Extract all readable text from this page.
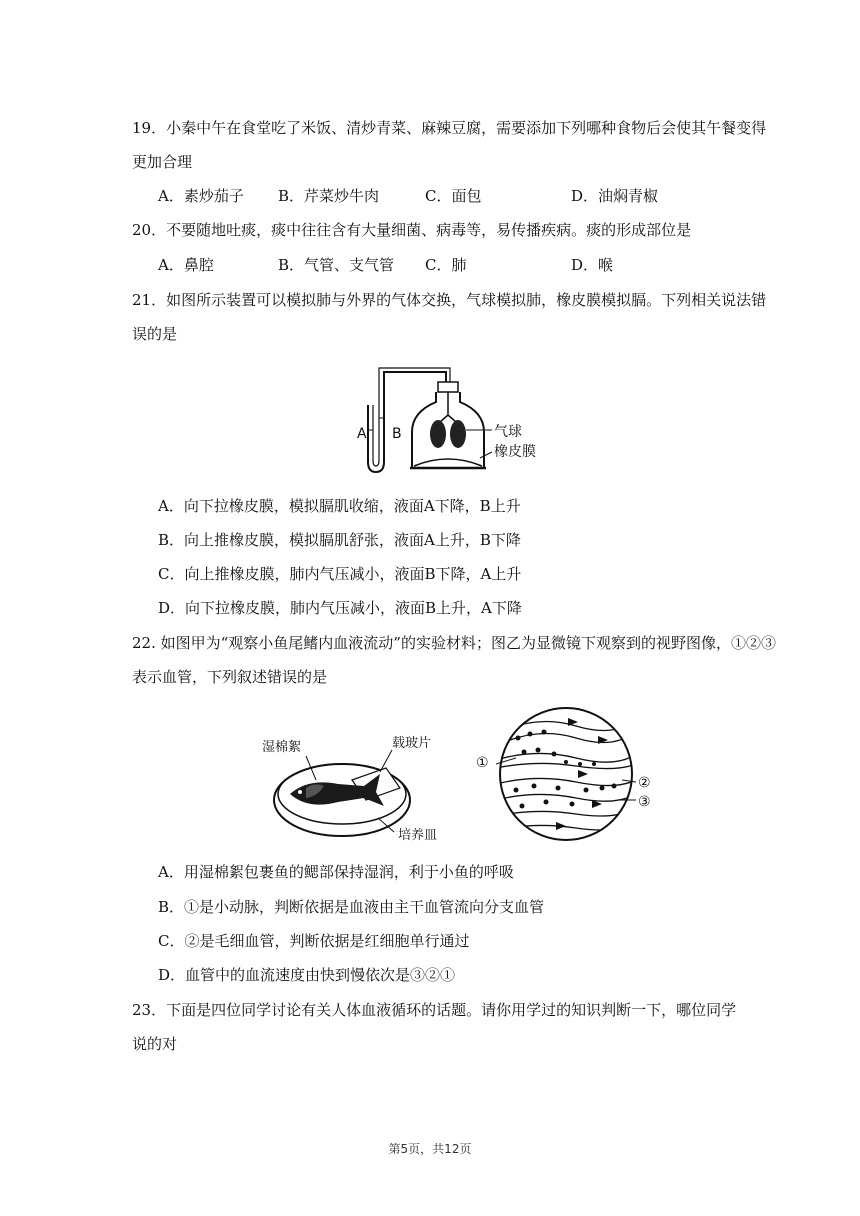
19．小秦中午在食堂吃了米饭、清炒青菜、麻辣豆腐，需要添加下列哪种食物后会使其午餐变得
更加合理
A．素炒茄子 B．芹菜炒牛肉	C．面包	D．油焖青椒
20．不要随地吐痰，痰中往往含有大量细菌、病毒等，易传播疾病。痰的形成部位是
A．鼻腔	B．气管、支气管 C．肺	D．喉
21．如图所示装置可以模拟肺与外界的气体交换，气球模拟肺，橡皮膜模拟膈。下列相关说法错
误的是
A B	气球
橡皮膜
A．向下拉橡皮膜，模拟膈肌收缩，液面A下降，B上升
B．向上推橡皮膜，模拟膈肌舒张，液面A上升，B下降
C．向上推橡皮膜，肺内气压减小，液面B下降，A上升
D．向下拉橡皮膜，肺内气压减小，液面B上升，A下降
22. 如图甲为“观察小鱼尾鳍内血液流动”的实验材料；图乙为显微镜下观察到的视野图像，①②③
表示血管，下列叙述错误的是
湿棉絮	载玻片
培养皿
①
②
③
A．用湿棉絮包裹鱼的鳃部保持湿润，利于小鱼的呼吸
B．①是小动脉，判断依据是血液由主干血管流向分支血管
C．②是毛细血管，判断依据是红细胞单行通过
D．血管中的血流速度由快到慢依次是③②①
23．下面是四位同学讨论有关人体血液循环的话题。请你用学过的知识判断一下，哪位同学
说的对
第5页，共12页
